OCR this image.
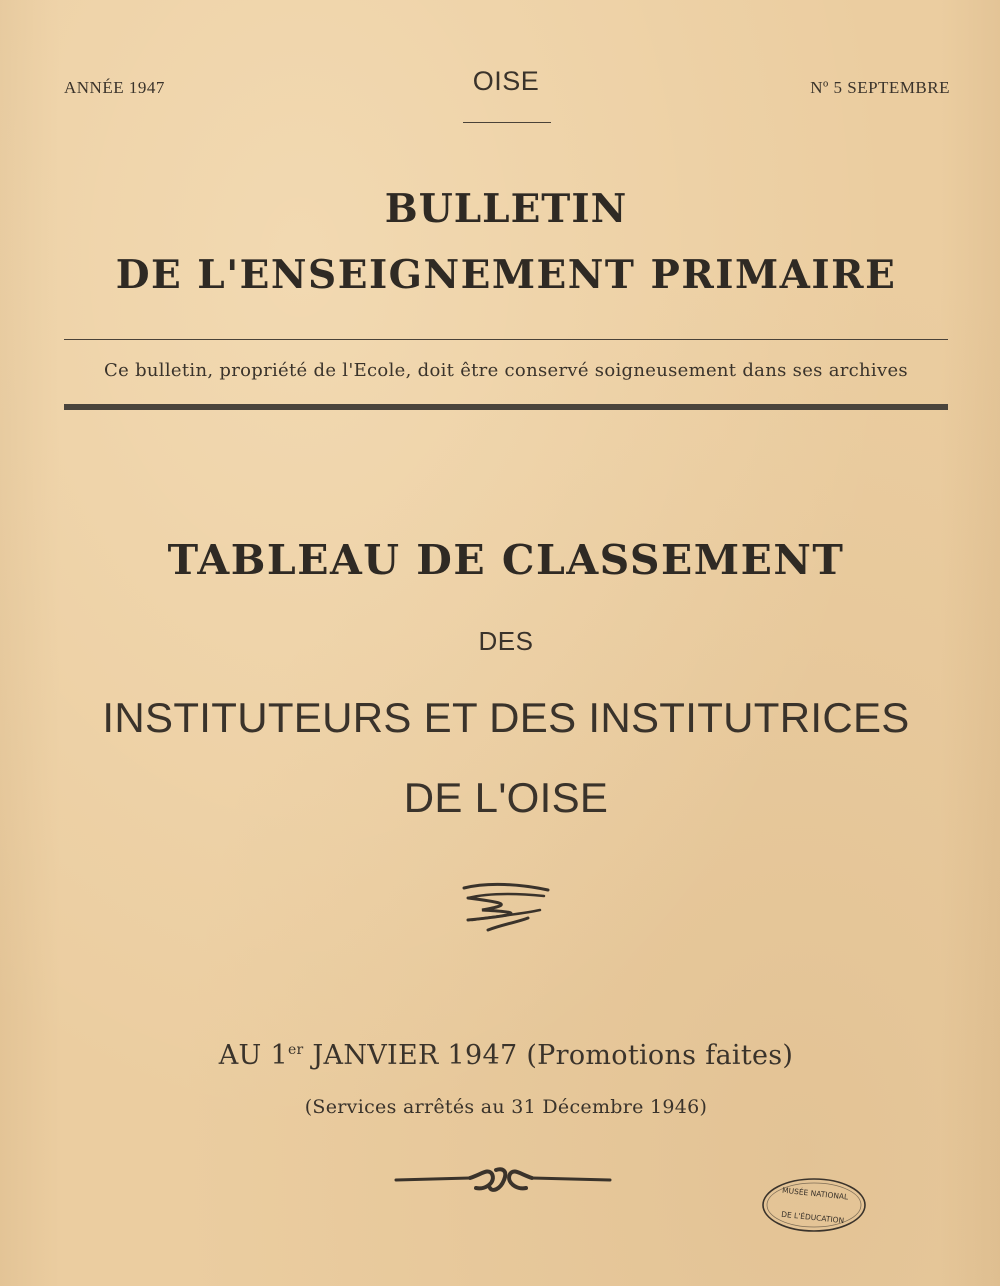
ANNÉE 1947	OISE	Nº 5 SEPTEMBRE
BULLETIN
DE L'ENSEIGNEMENT PRIMAIRE
Ce bulletin, propriété de l'Ecole, doit être conservé soigneusement dans ses archives
TABLEAU DE CLASSEMENT
DES
INSTITUTEURS ET DES INSTITUTRICES
DE L'OISE
AU 1er JANVIER 1947 (Promotions faites)
(Services arrêtés au 31 Décembre 1946)
MUSÉE NATIONAL
DE L'ÉDUCATION
